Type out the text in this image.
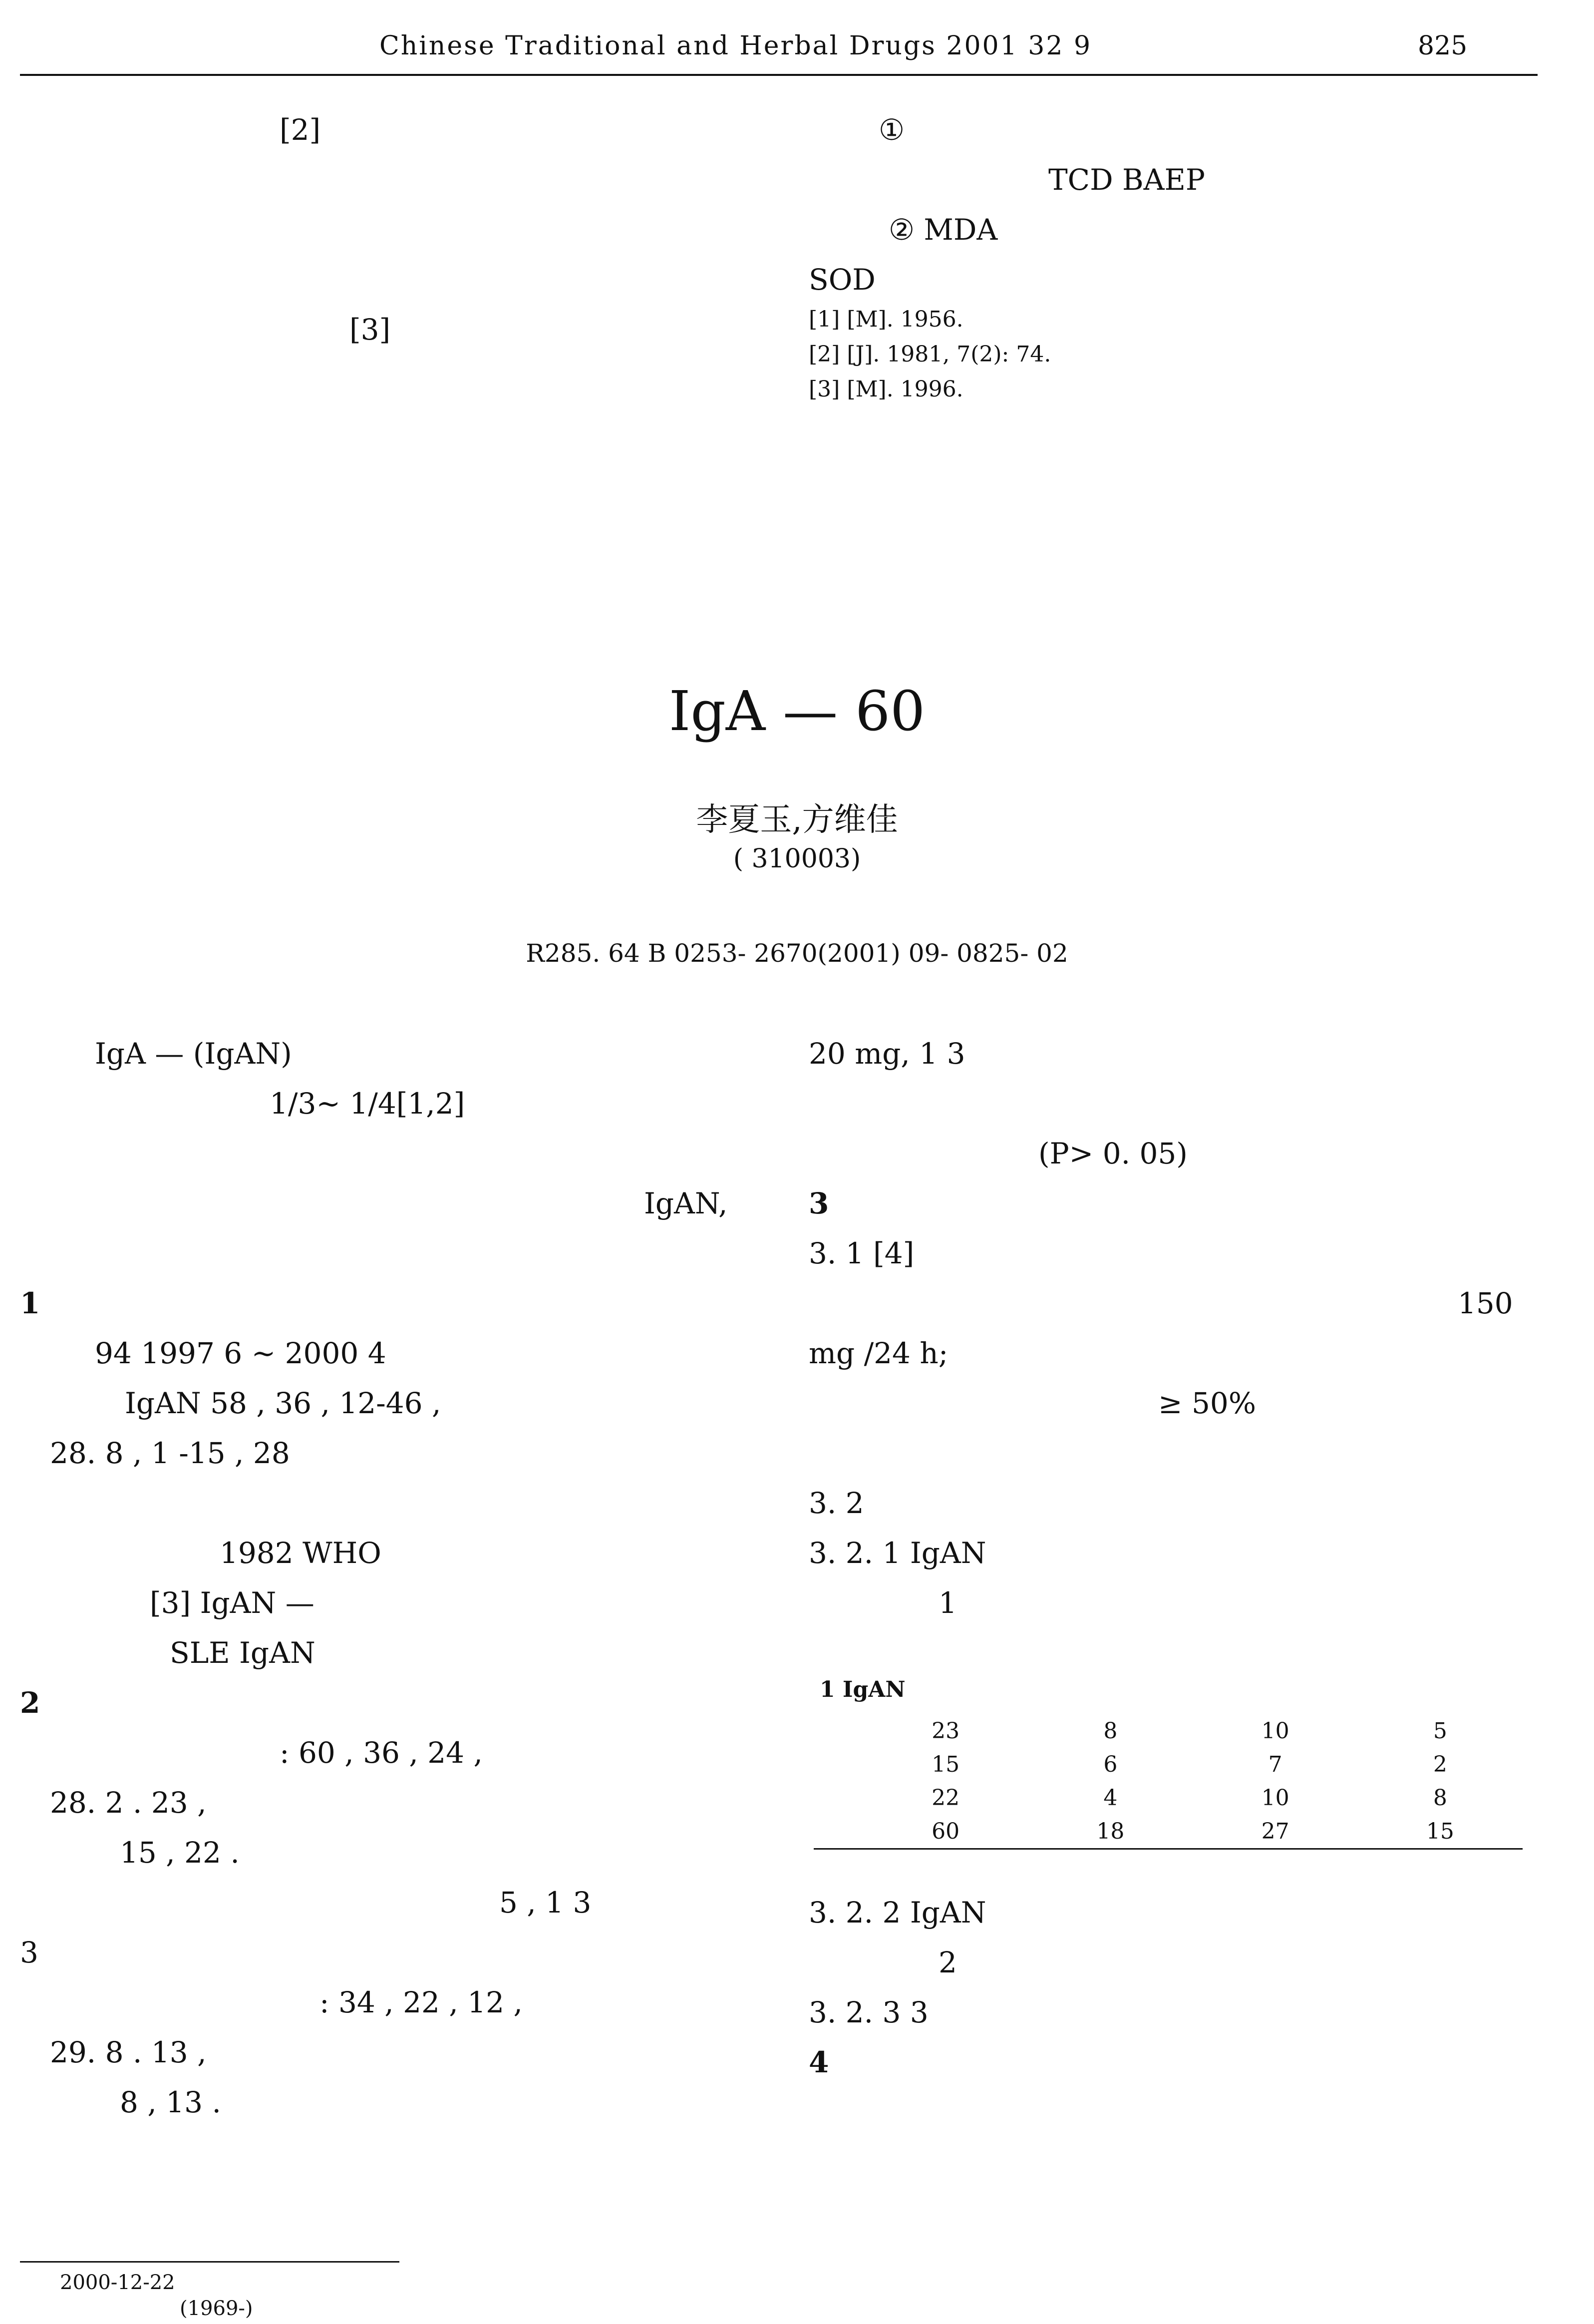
Chinese Traditional and Herbal Drugs 2001 32 9	825

[2]

[3]

①

TCD BAEP

② MDA

SOD

[1] [M]. 1956.

[2] [J]. 1981, 7(2): 74.

[3] [M]. 1996.

IgA — 60
李夏玉,方维佳
( 310003)
R285. 64 B 0253- 2670(2001) 09- 0825- 02

IgA — (IgAN)

1/3~ 1/4[1,2]

IgAN,

1

94 1997 6 ~ 2000 4

IgAN 58 , 36 , 12-46 ,

28. 8 , 1 -15 , 28

1982 WHO

[3] IgAN —

SLE IgAN

2

: 60 , 36 , 24 ,

28. 2 . 23 ,

15 , 22 .

5 , 1 3

3

: 34 , 22 , 12 ,

29. 8 . 13 ,

8 , 13 .

20 mg, 1 3

(P> 0. 05)

3

3. 1 [4]

150

mg /24 h;

≥ 50%

3. 2

3. 2. 1 IgAN

1

1 IgAN				

	23	8	10	5
	15	6	7	2
	22	4	10	8
	60	18	27	15

3. 2. 2 IgAN

2

3. 2. 3 3

4

2000-12-22
(1969-)
